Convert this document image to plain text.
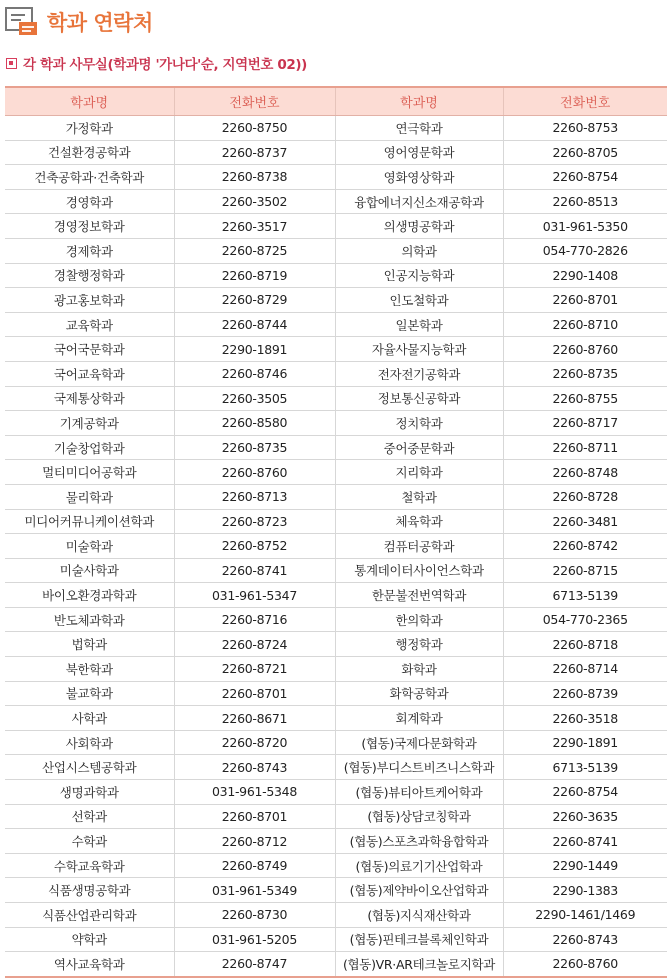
학과 연락처
각 학과 사무실(학과명 '가나다'순, 지역번호 02))
학과명	전화번호	학과명	전화번호
가정학과	2260-8750	연극학과	2260-8753
건설환경공학과	2260-8737	영어영문학과	2260-8705
건축공학과·건축학과	2260-8738	영화영상학과	2260-8754
경영학과	2260-3502	융합에너지신소재공학과	2260-8513
경영정보학과	2260-3517	의생명공학과	031-961-5350
경제학과	2260-8725	의학과	054-770-2826
경찰행정학과	2260-8719	인공지능학과	2290-1408
광고홍보학과	2260-8729	인도철학과	2260-8701
교육학과	2260-8744	일본학과	2260-8710
국어국문학과	2290-1891	자율사물지능학과	2260-8760
국어교육학과	2260-8746	전자전기공학과	2260-8735
국제통상학과	2260-3505	정보통신공학과	2260-8755
기계공학과	2260-8580	정치학과	2260-8717
기술창업학과	2260-8735	중어중문학과	2260-8711
멀티미디어공학과	2260-8760	지리학과	2260-8748
물리학과	2260-8713	철학과	2260-8728
미디어커뮤니케이션학과	2260-8723	체육학과	2260-3481
미술학과	2260-8752	컴퓨터공학과	2260-8742
미술사학과	2260-8741	통계데이터사이언스학과	2260-8715
바이오환경과학과	031-961-5347	한문불전번역학과	6713-5139
반도체과학과	2260-8716	한의학과	054-770-2365
법학과	2260-8724	행정학과	2260-8718
북한학과	2260-8721	화학과	2260-8714
불교학과	2260-8701	화학공학과	2260-8739
사학과	2260-8671	회계학과	2260-3518
사회학과	2260-8720	(협동)국제다문화학과	2290-1891
산업시스템공학과	2260-8743	(협동)부디스트비즈니스학과	6713-5139
생명과학과	031-961-5348	(협동)뷰티아트케어학과	2260-8754
선학과	2260-8701	(협동)상담코칭학과	2260-3635
수학과	2260-8712	(협동)스포츠과학융합학과	2260-8741
수학교육학과	2260-8749	(협동)의료기기산업학과	2290-1449
식품생명공학과	031-961-5349	(협동)제약바이오산업학과	2290-1383
식품산업관리학과	2260-8730	(협동)지식재산학과	2290-1461/1469
약학과	031-961-5205	(협동)핀테크블록체인학과	2260-8743
역사교육학과	2260-8747	(협동)VR·AR테크놀로지학과	2260-8760
